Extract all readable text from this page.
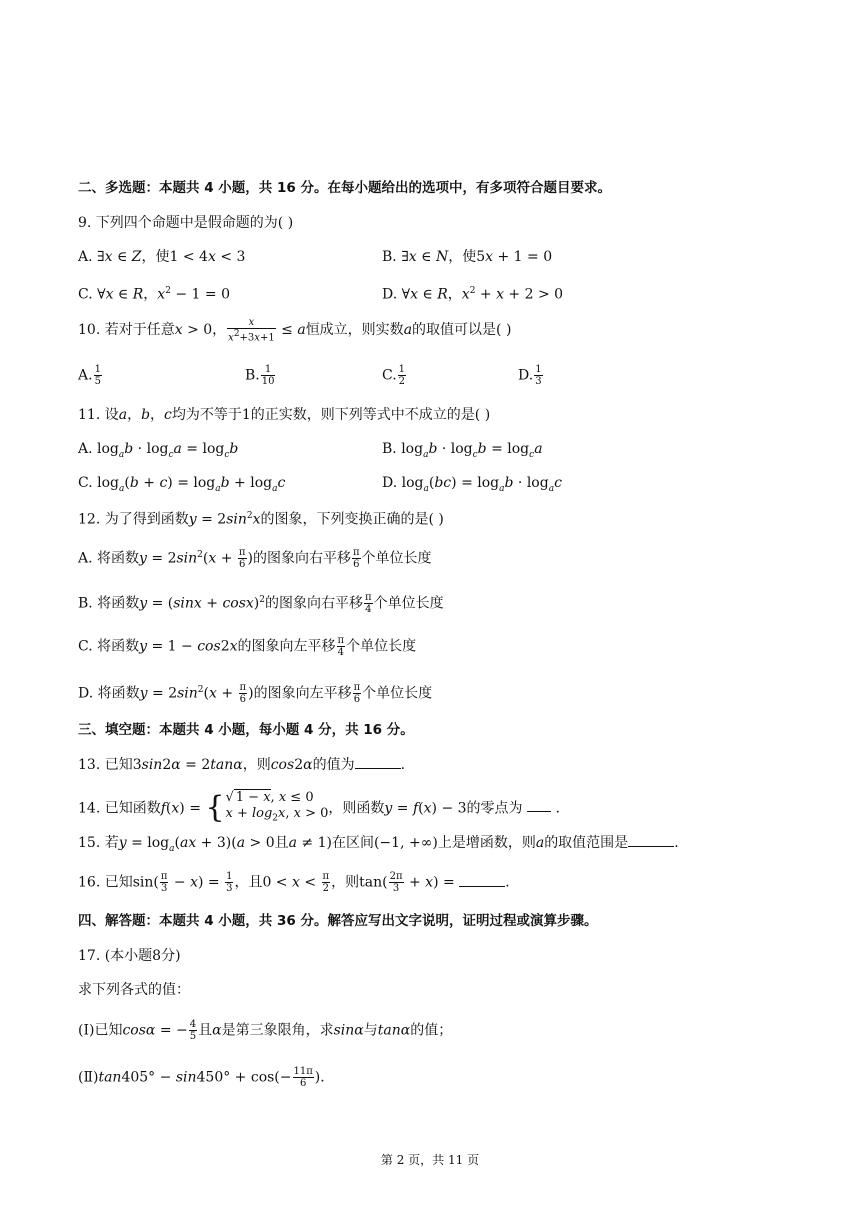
二、多选题：本题共 4 小题，共 16 分。在每小题给出的选项中，有多项符合题目要求。
9. 下列四个命题中是假命题的为( )
A. ∃x ∈ Z，使1 < 4x < 3	B. ∃x ∈ N，使5x + 1 = 0
C. ∀x ∈ R，$x^2 - 1 = 0$	D. ∀x ∈ R，$x^2 + x + 2 > 0$
10. 若对于任意x > 0， $\frac{x}{x^2+3x+1} \le a$恒成立，则实数a的取值可以是( )
A. $\frac{1}{5}$	B. $\frac{1}{10}$	C. $\frac{1}{2}$	D. $\frac{1}{3}$
11. 设a，b，c均为不等于1的正实数，则下列等式中不成立的是( )
A. $\log_ab \cdot \log_ca = \log_cb$	B. $\log_ab \cdot \log_cb = \log_ca$
C. $\log_a(b + c) = \log_ab + \log_ac$	D. $\log_a(bc) = \log_ab \cdot \log_ac$
12. 为了得到函数$y = 2\sin^2x$的图象，下列变换正确的是( )
A. 将函数$y = 2\sin^2(x + \frac{\pi}{6}$ )的图象向右平移 $\frac{\pi}{6}$ 个单位长度
B. 将函数$y = (\sin x + \cos x)^2$的图象向右平移 $\frac{\pi}{4}$ 个单位长度
C. 将函数y = 1 − cos2x的图象向左平移 $\frac{\pi}{4}$ 个单位长度
D. 将函数$y = 2\sin^2(x + \frac{\pi}{6}$ )的图象向左平移 $\frac{\pi}{6}$ 个单位长度
三、填空题：本题共 4 小题，每小题 4 分，共 16 分。
13. 已知3sin2α = 2tanα，则cos2α的值为	.
14. 已知函数f(x) = { √ 1 − x, x ≤ 0
$x + \log_2x$, x > 0 ，则函数y = f(x) − 3的零点为  .
15. 若$y = \log_a(ax + 3)(a > 0$且a ≠ 1)在区间(−1, +∞)上是增函数，则a的取值范围是	.
16. 已知$\sin( \frac{\pi}{3} - x) = \frac{1}{3}$ ，且$0 < x < \frac{\pi}{2}$ ，则$\tan( \frac{2\pi}{3} + x)$ =	.
四、解答题：本题共 4 小题，共 36 分。解答应写出文字说明，证明过程或演算步骤。
17. (本小题8分)
求下列各式的值：
(Ⅰ)已知cosα = − $\frac{4}{5}$ 且α是第三象限角，求sinα与tanα的值；
(Ⅱ)tan405° − $\sin 450^\circ + \cos(- \frac{11\pi}{6}$ ).
第 2 页，共 11 页
